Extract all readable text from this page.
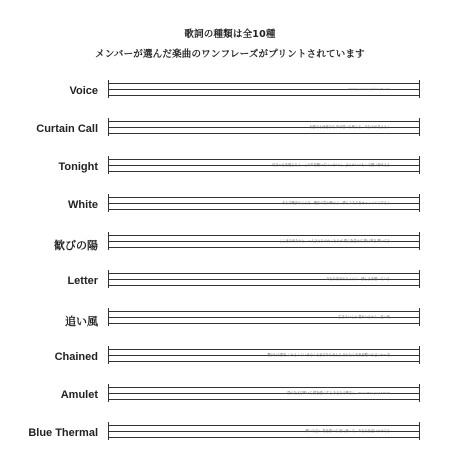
歌詞の種類は全10種
メンバーが選んだ楽曲のワンフレーズがプリントされています
Voice	I hold your voice before it's over
Curtain Call	何度でも何度でも 声が届いた時よる　あなたが見えるよ
Tonight	好きーもを感じるよ　この声を聴いていっせいに　どうかいつもって願いを叶える
White	まるで魔法のようだ　魔法の雪が舞うよ　僕らみたりをキャンバスにするよ
歓びの陽	ここまで来たねと　一人ひとりのぬくもりが 僕らを温めて 陽に導き 輝いてる
Letter	あなたを守れるように　優しさを贈っている
追い風	生きていこう 君がいるから　追い風
Chained	繋がれた鎖を ふれるくらいまでくるまでありまえる それなら未来を繋ぐもどっかーぞ
Amulet	君がそばで輝いて 僕を強くする あなたの輝きに　You will be your Amulet
Blue Thermal	輝いた空へ 青を描いて 風に乗って　あなたを追いかけてる
